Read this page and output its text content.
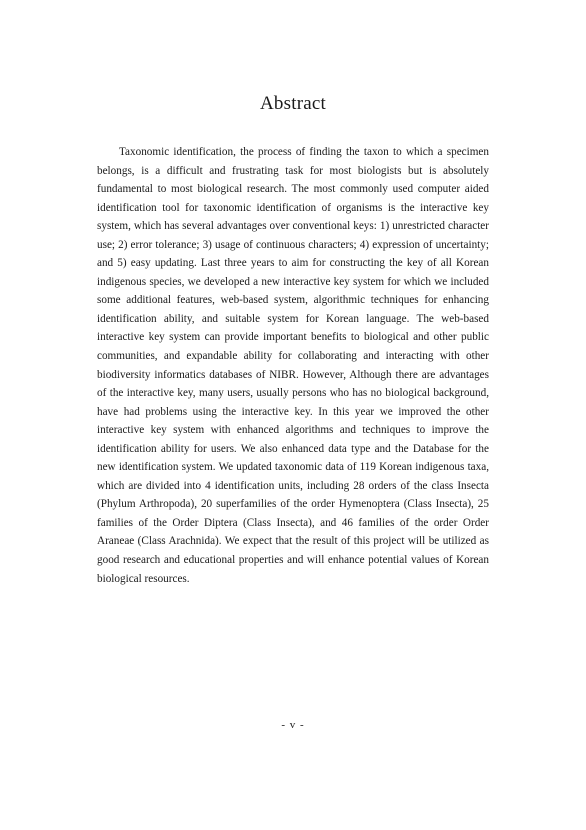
Abstract

Taxonomic identification, the process of finding the taxon to which a specimen belongs, is a difficult and frustrating task for most biologists but is absolutely fundamental to most biological research. The most commonly used computer aided identification tool for taxonomic identification of organisms is the interactive key system, which has several advantages over conventional keys: 1) unrestricted character use; 2) error tolerance; 3) usage of continuous characters; 4) expression of uncertainty; and 5) easy updating. Last three years to aim for constructing the key of all Korean indigenous species, we developed a new interactive key system for which we included some additional features, web-based system, algorithmic techniques for enhancing identification ability, and suitable system for Korean language. The web-based interactive key system can provide important benefits to biological and other public communities, and expandable ability for collaborating and interacting with other biodiversity informatics databases of NIBR. However, Although there are advantages of the interactive key, many users, usually persons who has no biological background, have had problems using the interactive key. In this year we improved the other interactive key system with enhanced algorithms and techniques to improve the identification ability for users. We also enhanced data type and the Database for the new identification system. We updated taxonomic data of 119 Korean indigenous taxa, which are divided into 4 identification units, including 28 orders of the class Insecta (Phylum Arthropoda), 20 superfamilies of the order Hymenoptera (Class Insecta), 25 families of the Order Diptera (Class Insecta), and 46 families of the order Order Araneae (Class Arachnida). We expect that the result of this project will be utilized as good research and educational properties and will enhance potential values of Korean biological resources.

- v -
